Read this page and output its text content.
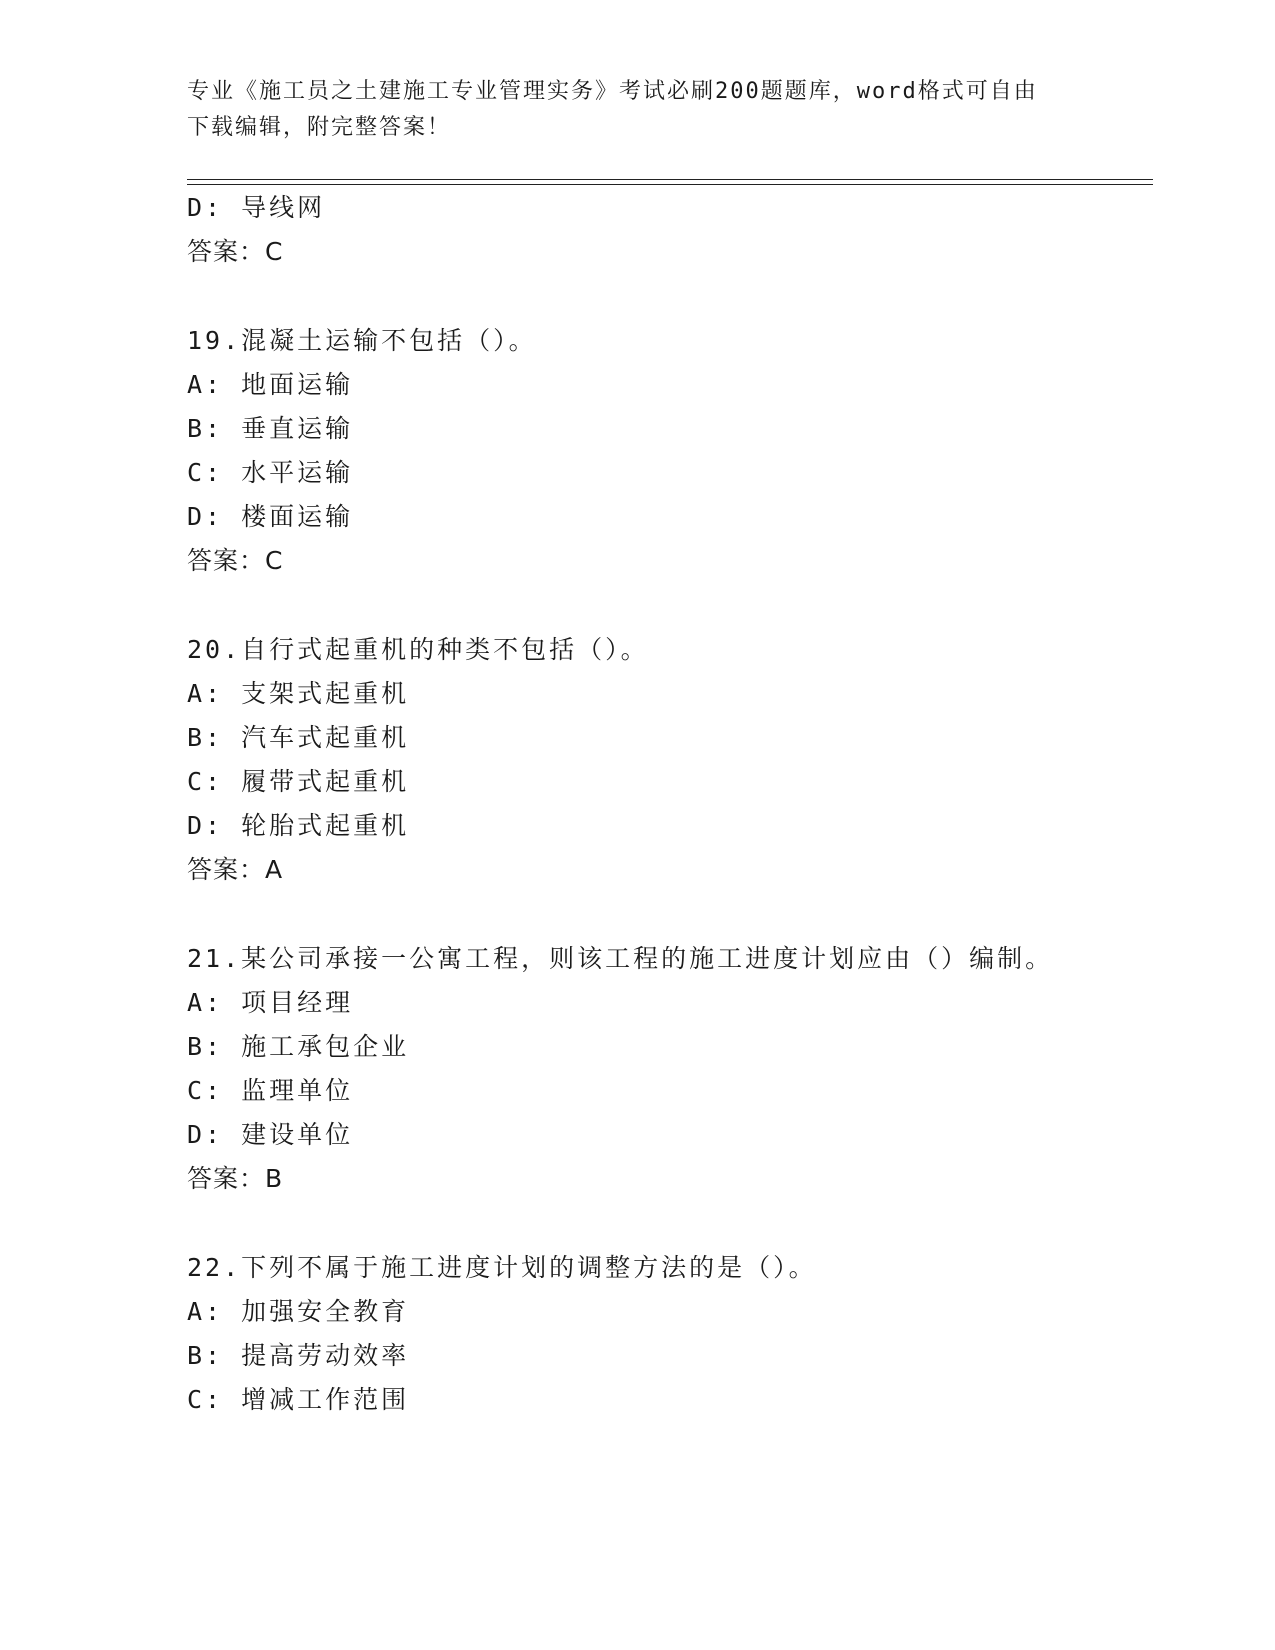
专业《施工员之土建施工专业管理实务》考试必刷200题题库，word格式可自由
下载编辑，附完整答案！
D: 导线网
答案：C
19.混凝土运输不包括（）。
A: 地面运输
B: 垂直运输
C: 水平运输
D: 楼面运输
答案：C
20.自行式起重机的种类不包括（）。
A: 支架式起重机
B: 汽车式起重机
C: 履带式起重机
D: 轮胎式起重机
答案：A
21.某公司承接一公寓工程，则该工程的施工进度计划应由（）编制。
A: 项目经理
B: 施工承包企业
C: 监理单位
D: 建设单位
答案：B
22.下列不属于施工进度计划的调整方法的是（）。
A: 加强安全教育
B: 提高劳动效率
C: 增减工作范围
